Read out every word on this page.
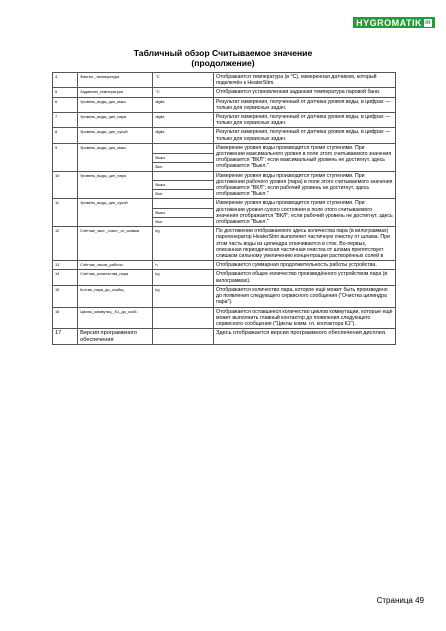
HYGROMATIK m
Табличный обзор Считываемое значение
(продолжение)
4	Фактич._температура	°C	Отображается температура (в °C), измеренная датчиком, который подключён к HeaterStim.
5	Заданная_температура	°C	Отображается установленная заданная температура паровой бани.
6	Уровень_воды_цил_макс.	digits	Результат измерения, полученный от датчика уровня воды, в цифрах — только для сервисных задач.
7	Уровень_воды_цил_пара	digits	Результат измерения, полученный от датчика уровня воды, в цифрах — только для сервисных задач.
8	Уровень_воды_цил_сухой	digits	Результат измерения, полученный от датчика уровня воды, в цифрах — только для сервисных задач.
9	Уровень_воды_цил_макс.		Измерение уровня воды производится тремя ступенями. При достижении максимального уровня в поле этого считываемого значения отображается "ВКЛ"; если максимальный уровень не достигнут, здесь отображается "Выкл."
		Выкл.	
		Вкл.	
10	Уровень_воды_цил_пара		Измерение уровня воды производится тремя ступенями. При достижении рабочего уровня (пара) в поле этого считываемого значения отображается "ВКЛ"; если рабочий уровень не достигнут, здесь отображается "Выкл."
		Выкл.	
		Вкл.	
11	Уровень_воды_цил_сухой		Измерение уровня воды производится тремя ступенями. При достижении уровня сухого состояния в поле этого считываемого значения отображается "ВКЛ"; если рабочий уровень не достигнут, здесь отображается "Выкл."
		Выкл.	
		Вкл.	
12	Счётчик_част._очист._от_шлама	kg	По достижении отображаемого здесь количества пара (в килограммах) парогенератор HeaterStim выполняет частичную очистку от шлама. При этом часть воды из цилиндра откачивается в сток. Во-первых, описанная периодическая частичная очистка от шлама препятствует слишком сильному увеличению концентрации растворённых солей в
13	Счётчик_часов_работы	h	Отображается суммарная продолжительность работы устройства.
14	Счётчик_количества_пара	kg	Отображается общее количество произведённого устройством пара (в килограммах).
15	Кол-во_пара_до_сообщ.	kg	Отображается количество пара, которое ещё может быть произведено до появления следующего сервисного сообщения ("Очистка цилиндра пара").
16	Циклы_коммутац._К1_до_сооб.		Отображается оставшееся количество циклов коммутации, которые ещё может выполнить главный контактор до появления следующего сервисного сообщения ("Циклы комм. гл. контактора К1").
17	Версия программного обеспечения		Здесь отображается версия программного обеспечения дисплея.
Страница 49
